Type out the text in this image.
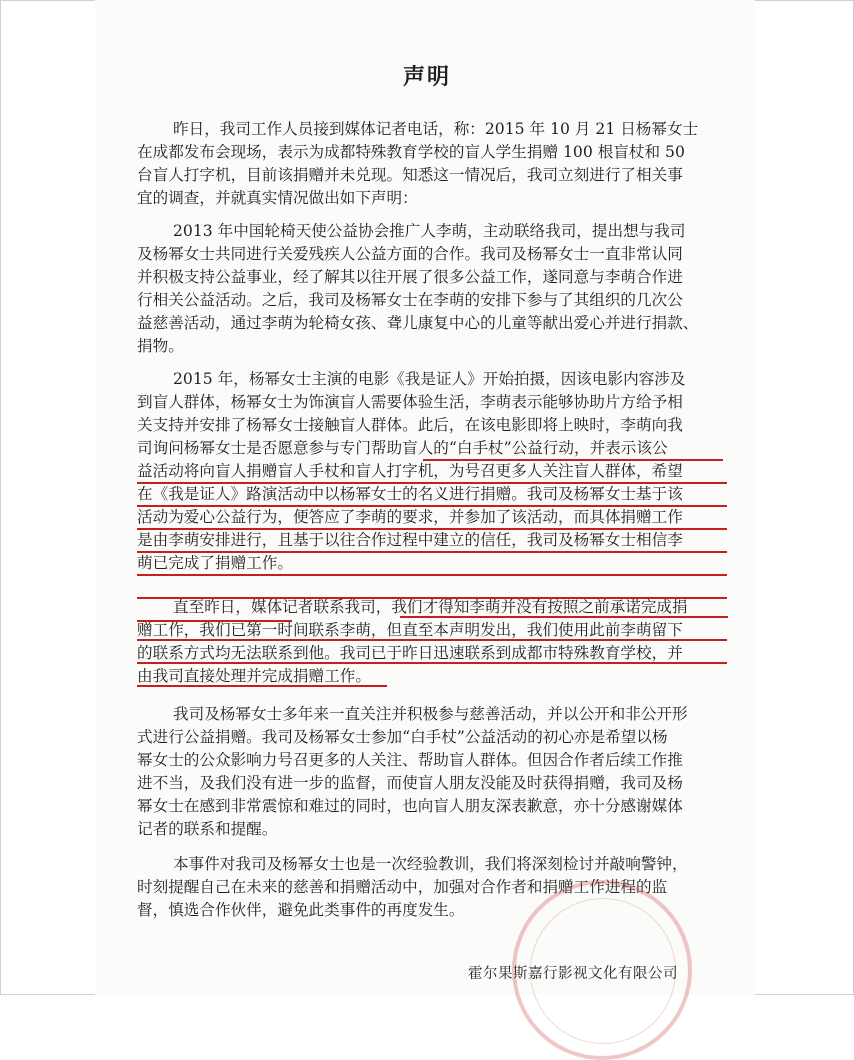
声明

昨日，我司工作人员接到媒体记者电话，称：2015 年 10 月 21 日杨幂女士
在成都发布会现场，表示为成都特殊教育学校的盲人学生捐赠 100 根盲杖和 50
台盲人打字机，目前该捐赠并未兑现。知悉这一情况后，我司立刻进行了相关事
宜的调查，并就真实情况做出如下声明：

2013 年中国轮椅天使公益协会推广人李萌，主动联络我司，提出想与我司
及杨幂女士共同进行关爱残疾人公益方面的合作。我司及杨幂女士一直非常认同
并积极支持公益事业，经了解其以往开展了很多公益工作，遂同意与李萌合作进
行相关公益活动。之后，我司及杨幂女士在李萌的安排下参与了其组织的几次公
益慈善活动，通过李萌为轮椅女孩、聋儿康复中心的儿童等献出爱心并进行捐款、
捐物。

2015 年，杨幂女士主演的电影《我是证人》开始拍摄，因该电影内容涉及
到盲人群体，杨幂女士为饰演盲人需要体验生活，李萌表示能够协助片方给予相
关支持并安排了杨幂女士接触盲人群体。此后，在该电影即将上映时，李萌向我
司询问杨幂女士是否愿意参与专门帮助盲人的“白手杖”公益行动，并表示该公
益活动将向盲人捐赠盲人手杖和盲人打字机，为号召更多人关注盲人群体，希望
在《我是证人》路演活动中以杨幂女士的名义进行捐赠。我司及杨幂女士基于该
活动为爱心公益行为，便答应了李萌的要求，并参加了该活动，而具体捐赠工作
是由李萌安排进行，且基于以往合作过程中建立的信任，我司及杨幂女士相信李
萌已完成了捐赠工作。

直至昨日，媒体记者联系我司，我们才得知李萌并没有按照之前承诺完成捐
赠工作，我们已第一时间联系李萌，但直至本声明发出，我们使用此前李萌留下
的联系方式均无法联系到他。我司已于昨日迅速联系到成都市特殊教育学校，并
由我司直接处理并完成捐赠工作。

我司及杨幂女士多年来一直关注并积极参与慈善活动，并以公开和非公开形
式进行公益捐赠。我司及杨幂女士参加“白手杖”公益活动的初心亦是希望以杨
幂女士的公众影响力号召更多的人关注、帮助盲人群体。但因合作者后续工作推
进不当，及我们没有进一步的监督，而使盲人朋友没能及时获得捐赠，我司及杨
幂女士在感到非常震惊和难过的同时，也向盲人朋友深表歉意，亦十分感谢媒体
记者的联系和提醒。

本事件对我司及杨幂女士也是一次经验教训，我们将深刻检讨并敲响警钟，
时刻提醒自己在未来的慈善和捐赠活动中，加强对合作者和捐赠工作进程的监
督，慎选合作伙伴，避免此类事件的再度发生。

霍尔果斯嘉行影视文化有限公司
